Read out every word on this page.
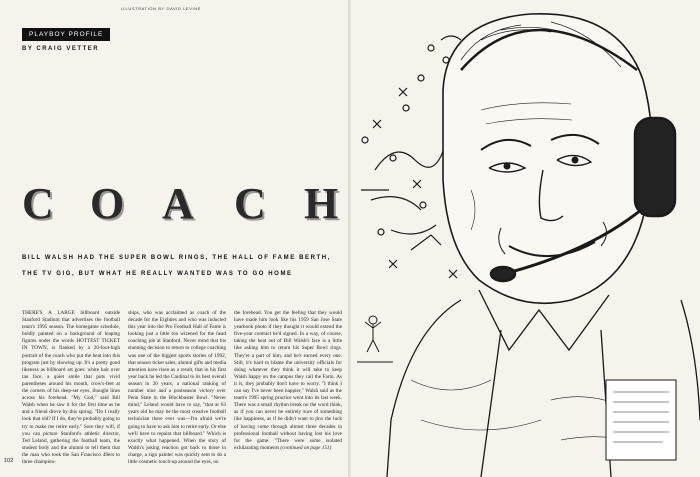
PLAYBOY PROFILE
BY CRAIG VETTER
C O A C H
BILL WALSH HAD THE SUPER BOWL RINGS, THE HALL OF FAME BERTH,
THE TV GIG, BUT WHAT HE REALLY WANTED WAS TO GO HOME

THERE'S A LARGE billboard outside Stanford Stadium that advertises the football team's 1995 season. The homegame schedule, boldly painted on a background of leaping figures under the words HOTTEST TICKET IN TOWN, is flanked by a 20-foot-high portrait of the coach who put the heat into this program just by showing up. It's a pretty good likeness as billboard art goes: white hair over tan face, a quiet smile that puts vivid parentheses around his mouth, crow's-feet at the corners of his deep-set eyes, thought lines across his forehead. "My God," said Bill Walsh when he saw it for the first time as he and a friend drove by this spring. "Do I really look that old? If I do, they're probably going to try to make me retire early." Sure they will, if you can picture Stanford's athletic director, Ted Leland, gathering the football team, the student body and the alumni to tell them that the man who took the San Francisco 49ers to three champion-

ships, who was acclaimed as coach of the decade for the Eighties and who was inducted this year into the Pro Football Hall of Fame is looking just a little too wizened for the head coaching job at Stanford. Never mind that his stunning decision to return to college coaching was one of the biggest sports stories of 1992, that season ticket sales, alumni gifts and media attention have risen as a result, that in his first year back he led the Cardinal to its best overall season in 20 years, a national ranking of number nine and a postseason victory over Penn State in the Blockbuster Bowl. "Never mind," Leland would have to say, "that at 63 years old he may be the most creative football technician there ever was—I'm afraid we're going to have to ask him to retire early. Or else we'll have to repaint that billboard." Which is exactly what happened. When the story of Walsh's joking reaction got back to those in charge, a sign painter was quickly sent to do a little cosmetic touch-up around the eyes, on

the forehead. You get the feeling that they would have made him look like his 1959 San Jose State yearbook photo if they thought it would extend the five-year contract he'd signed. In a way, of course, taking the heat out of Bill Walsh's face is a little like asking him to return his Super Bowl rings. They're a part of him, and he's earned every one. Still, it's hard to blame the university officials for doing whatever they think it will take to keep Walsh happy on the campus they call the Farm. As it is, they probably don't have to worry. "I think I can say I've never been happier," Walsh said as the team's 1995 spring practice went into its last week. There was a small rhythm break on the word think, as if you can never be entirely sure of something like happiness, as if he didn't want to jinx the luck of having come through almost three decades in professional football without having lost his love for the game. "There were some isolated exhilarating moments (continued on page 151)

102
ILLUSTRATION BY DAVID LEVINE
